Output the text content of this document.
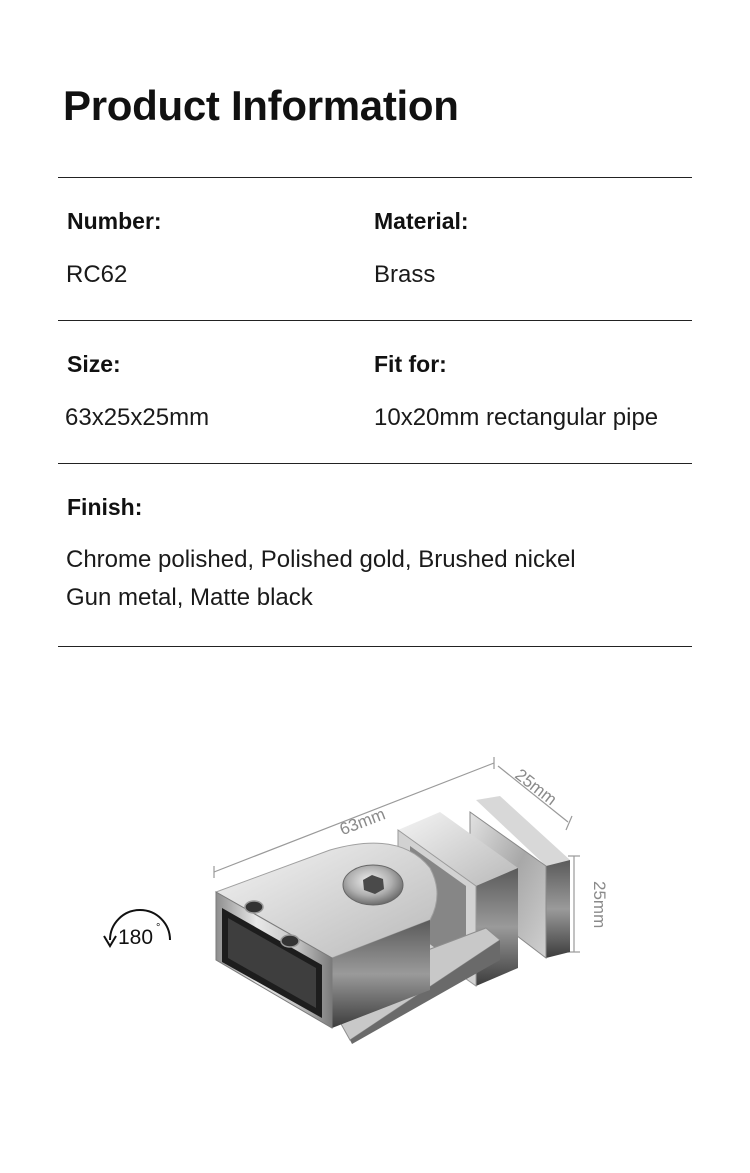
Product Information
Number:
RC62
Material:
Brass
Size:
63x25x25mm
Fit for:
10x20mm rectangular pipe
Finish:
Chrome polished, Polished gold, Brushed nickel
Gun metal, Matte black
63mm
25mm
25mm
180 °
